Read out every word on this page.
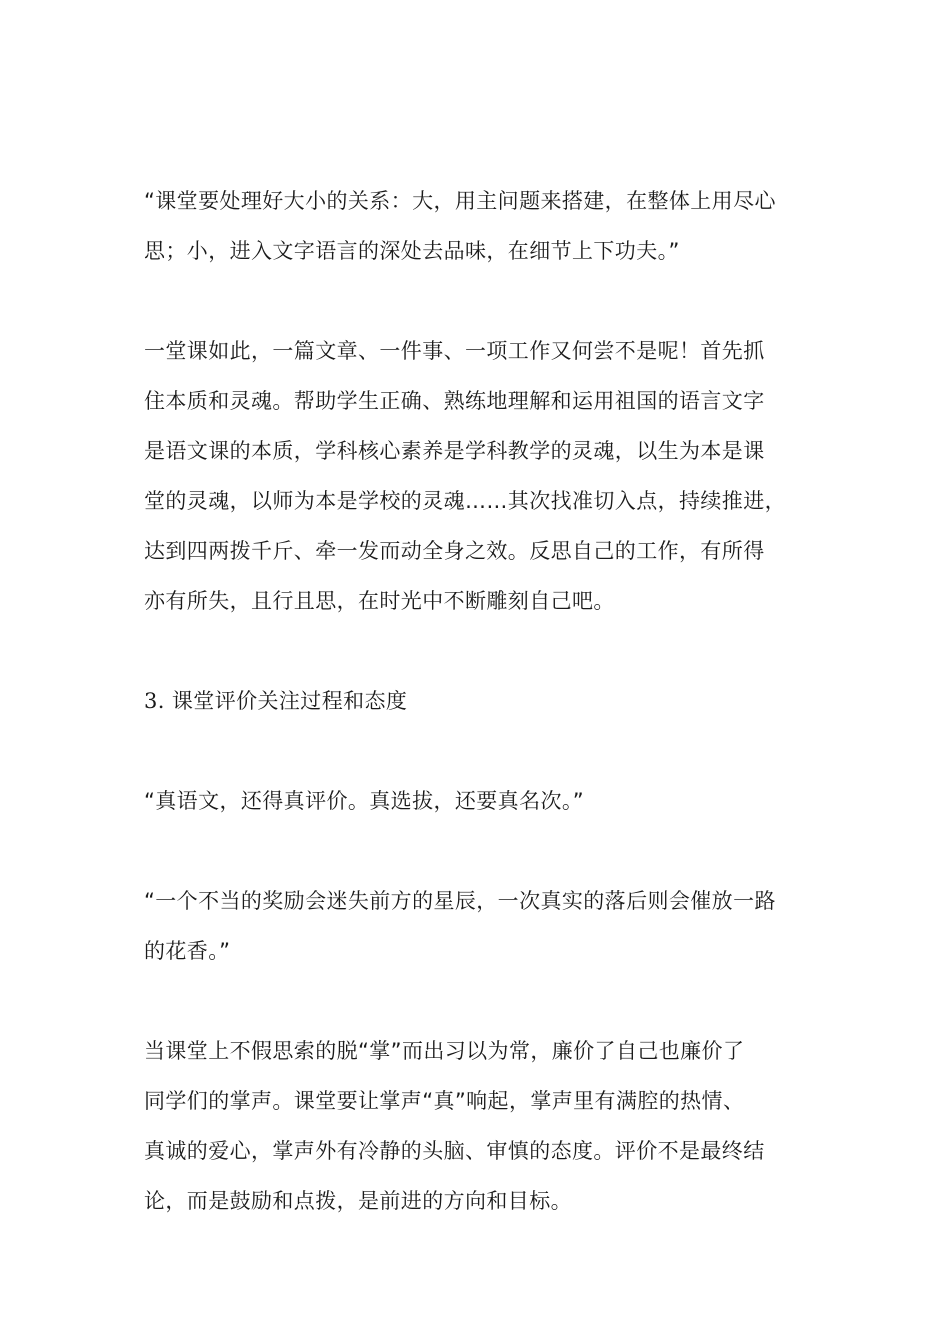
“课堂要处理好大小的关系：大，用主问题来搭建，在整体上用尽心
思；小，进入文字语言的深处去品味，在细节上下功夫。”

一堂课如此，一篇文章、一件事、一项工作又何尝不是呢！首先抓
住本质和灵魂。帮助学生正确、熟练地理解和运用祖国的语言文字
是语文课的本质，学科核心素养是学科教学的灵魂，以生为本是课
堂的灵魂，以师为本是学校的灵魂……其次找准切入点，持续推进，
达到四两拨千斤、牵一发而动全身之效。反思自己的工作，有所得
亦有所失，且行且思，在时光中不断雕刻自己吧。

3. 课堂评价关注过程和态度

“真语文，还得真评价。真选拔，还要真名次。”

“一个不当的奖励会迷失前方的星辰，一次真实的落后则会催放一路
的花香。”

当课堂上不假思索的脱“掌”而出习以为常，廉价了自己也廉价了
同学们的掌声。课堂要让掌声“真”响起，掌声里有满腔的热情、
真诚的爱心，掌声外有冷静的头脑、审慎的态度。评价不是最终结
论，而是鼓励和点拨，是前进的方向和目标。
